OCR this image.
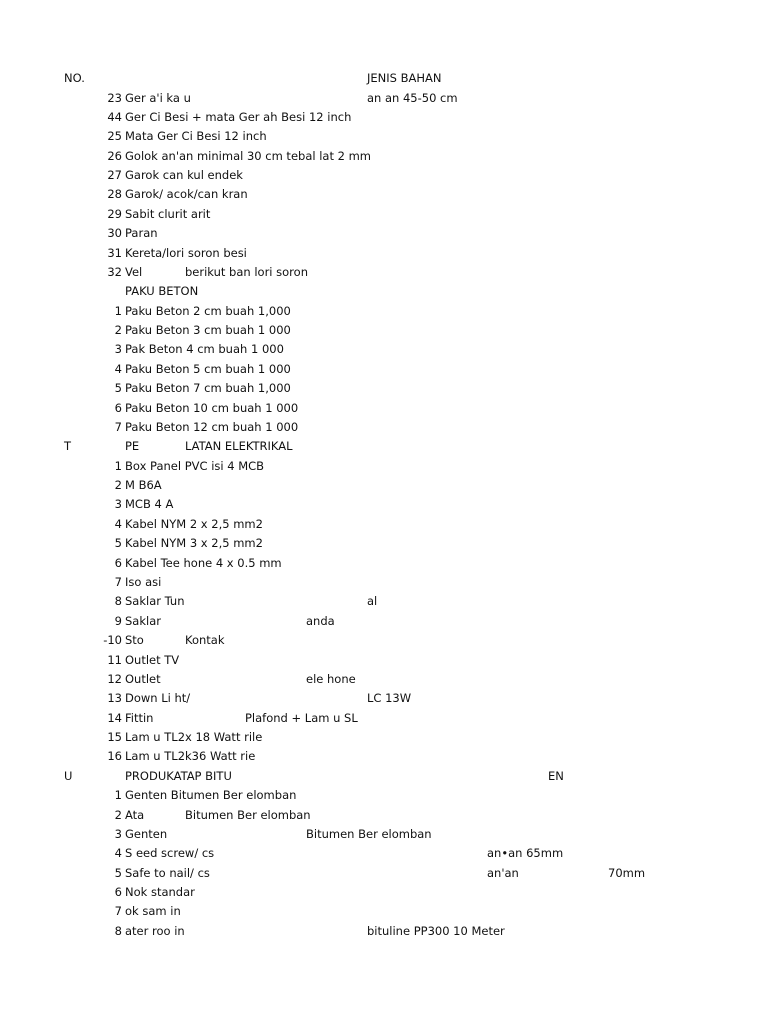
NO.	JENIS BAHAN
23 Ger a'i ka u	an an 45-50 cm
44 Ger Ci Besi + mata Ger ah Besi 12 inch
25 Mata Ger Ci Besi 12 inch
26 Golok an'an minimal 30 cm tebal lat 2 mm
27 Garok can kul endek
28 Garok/ acok/can kran
29 Sabit clurit arit
30 Paran
31 Kereta/lori soron besi
32 Vel	berikut ban lori soron
PAKU BETON
1 Paku Beton 2 cm buah 1,000
2 Paku Beton 3 cm buah 1 000
3 Pak Beton 4 cm buah 1 000
4 Paku Beton 5 cm buah 1 000
5 Paku Beton 7 cm buah 1,000
6 Paku Beton 10 cm buah 1 000
7 Paku Beton 12 cm buah 1 000
T	PE	LATAN ELEKTRIKAL
1 Box Panel PVC isi 4 MCB
2 M B6A
3 MCB 4 A
4 Kabel NYM 2 x 2,5 mm2
5 Kabel NYM 3 x 2,5 mm2
6 Kabel Tee hone 4 x 0.5 mm
7 Iso asi
8 Saklar Tun	al
9 Saklar	anda
-10 Sto	Kontak
11 Outlet TV
12 Outlet	ele hone
13 Down Li ht/	LC 13W
14 Fittin	Plafond + Lam u SL
15 Lam u TL2x 18 Watt rile
16 Lam u TL2k36 Watt rie
U	PRODUKATAP BITU	EN
1 Genten Bitumen Ber elomban
2 Ata	Bitumen Ber elomban
3 Genten	Bitumen Ber elomban
4 S eed screw/ cs	an•an 65mm
5 Safe to nail/ cs	an'an	70mm
6 Nok standar
7 ok sam in
8 ater roo in	bituline PP300 10 Meter
